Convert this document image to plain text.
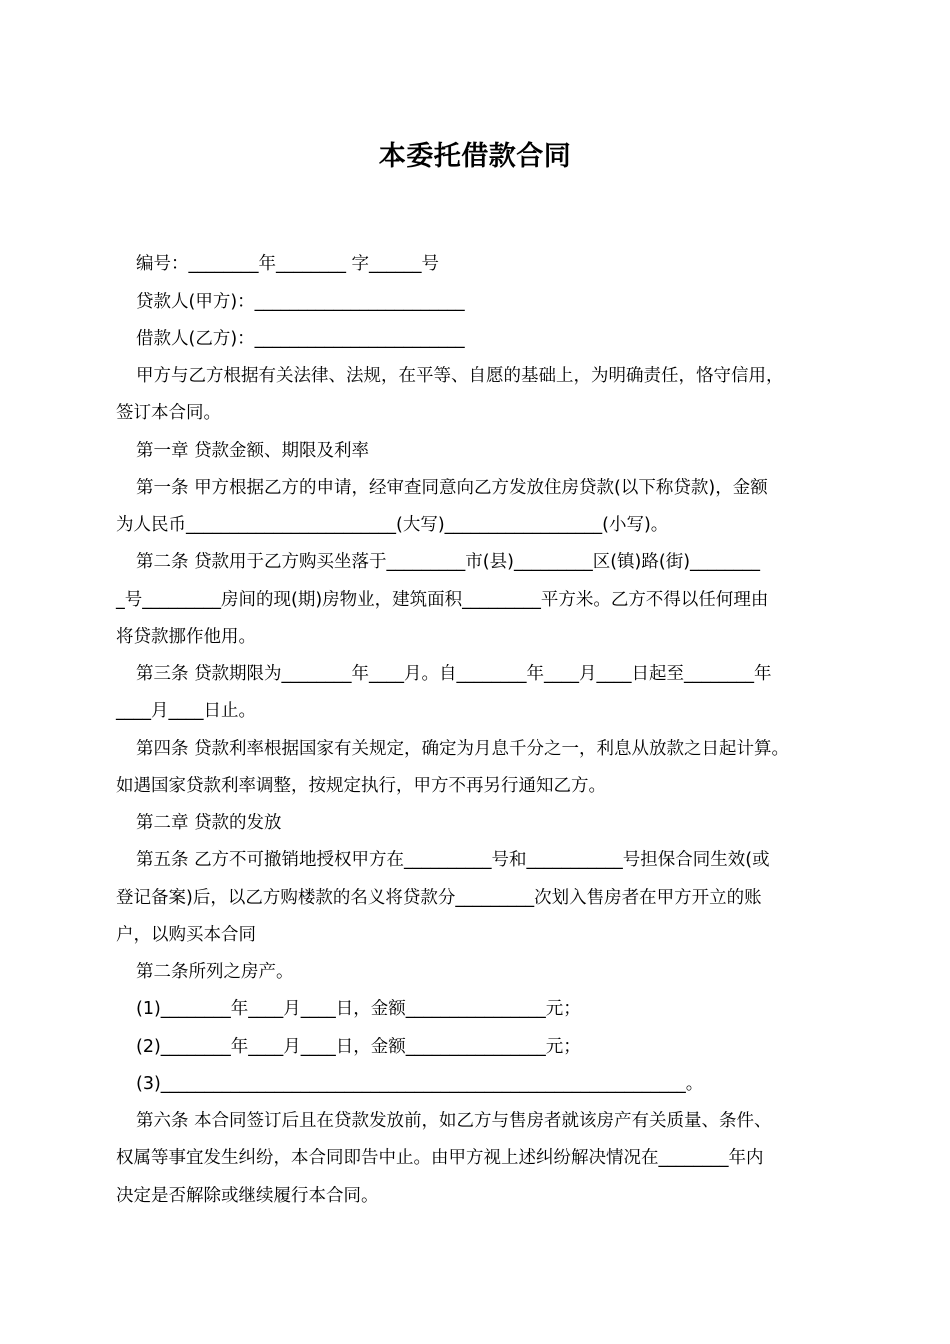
本委托借款合同

编号：________年________ 字______号

贷款人(甲方)：________________________

借款人(乙方)：________________________

甲方与乙方根据有关法律、法规，在平等、自愿的基础上，为明确责任，恪守信用，

签订本合同。

第一章 贷款金额、期限及利率

第一条 甲方根据乙方的申请，经审查同意向乙方发放住房贷款(以下称贷款)，金额

为人民币________________________(大写)__________________(小写)。

第二条 贷款用于乙方购买坐落于_________市(县)_________区(镇)路(街)________

_号_________房间的现(期)房物业，建筑面积_________平方米。乙方不得以任何理由

将贷款挪作他用。

第三条 贷款期限为________年____月。自________年____月____日起至________年

____月____日止。

第四条 贷款利率根据国家有关规定，确定为月息千分之一，利息从放款之日起计算。

如遇国家贷款利率调整，按规定执行，甲方不再另行通知乙方。

第二章 贷款的发放

第五条 乙方不可撤销地授权甲方在__________号和___________号担保合同生效(或

登记备案)后，以乙方购楼款的名义将贷款分_________次划入售房者在甲方开立的账

户，以购买本合同

第二条所列之房产。

(1)________年____月____日，金额________________元；

(2)________年____月____日，金额________________元；

(3)____________________________________________________________。

第六条 本合同签订后且在贷款发放前，如乙方与售房者就该房产有关质量、条件、

权属等事宜发生纠纷，本合同即告中止。由甲方视上述纠纷解决情况在________年内

决定是否解除或继续履行本合同。
